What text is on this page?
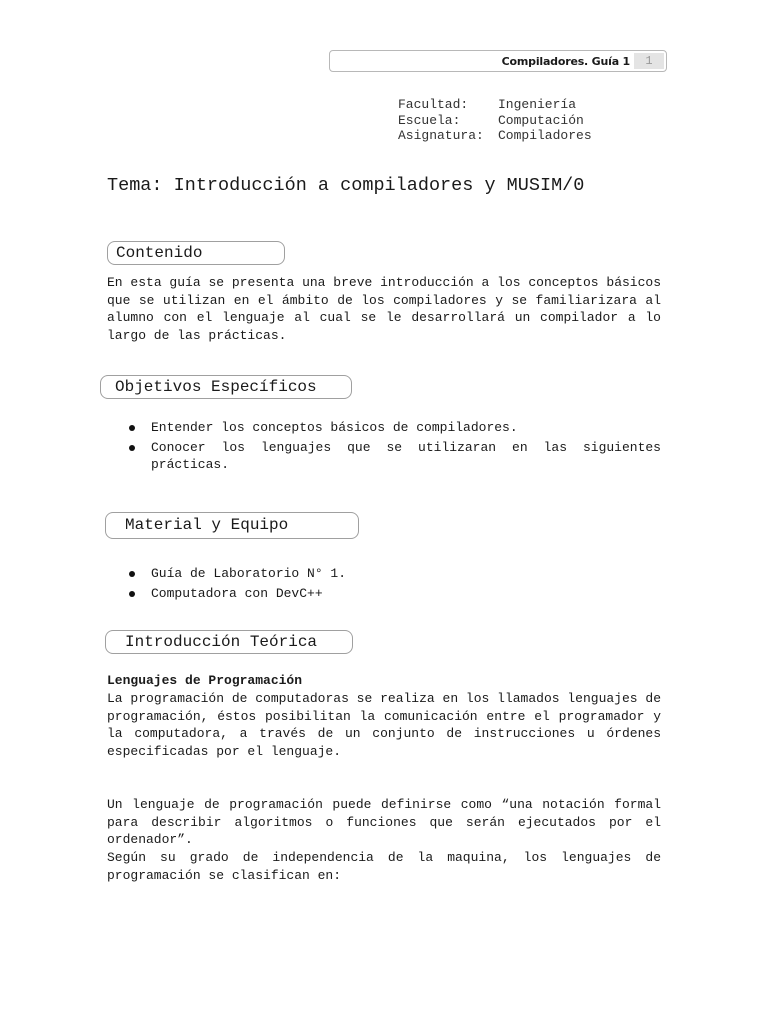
Compiladores. Guía 1	1
Facultad:	Ingeniería
Escuela:	Computación
Asignatura:	Compiladores
Tema: Introducción a compiladores y MUSIM/0
Contenido

En esta guía se presenta una breve introducción a los conceptos básicos que se utilizan en el ámbito de los compiladores y se familiarizara al alumno con el lenguaje al cual se le desarrollará un compilador a lo largo de las prácticas.

Objetivos Específicos
Entender los conceptos básicos de compiladores.
Conocer los lenguajes que se utilizaran en las siguientes prácticas.
Material y Equipo
Guía de Laboratorio N° 1.
Computadora con DevC++
Introducción Teórica
Lenguajes de Programación

La programación de computadoras se realiza en los llamados lenguajes de programación, éstos posibilitan la comunicación entre el programador y la computadora, a través de un conjunto de instrucciones u órdenes especificadas por el lenguaje.

Un lenguaje de programación puede definirse como “una notación formal para describir algoritmos o funciones que serán ejecutados por el ordenador”.

Según su grado de independencia de la maquina, los lenguajes de programación se clasifican en:
